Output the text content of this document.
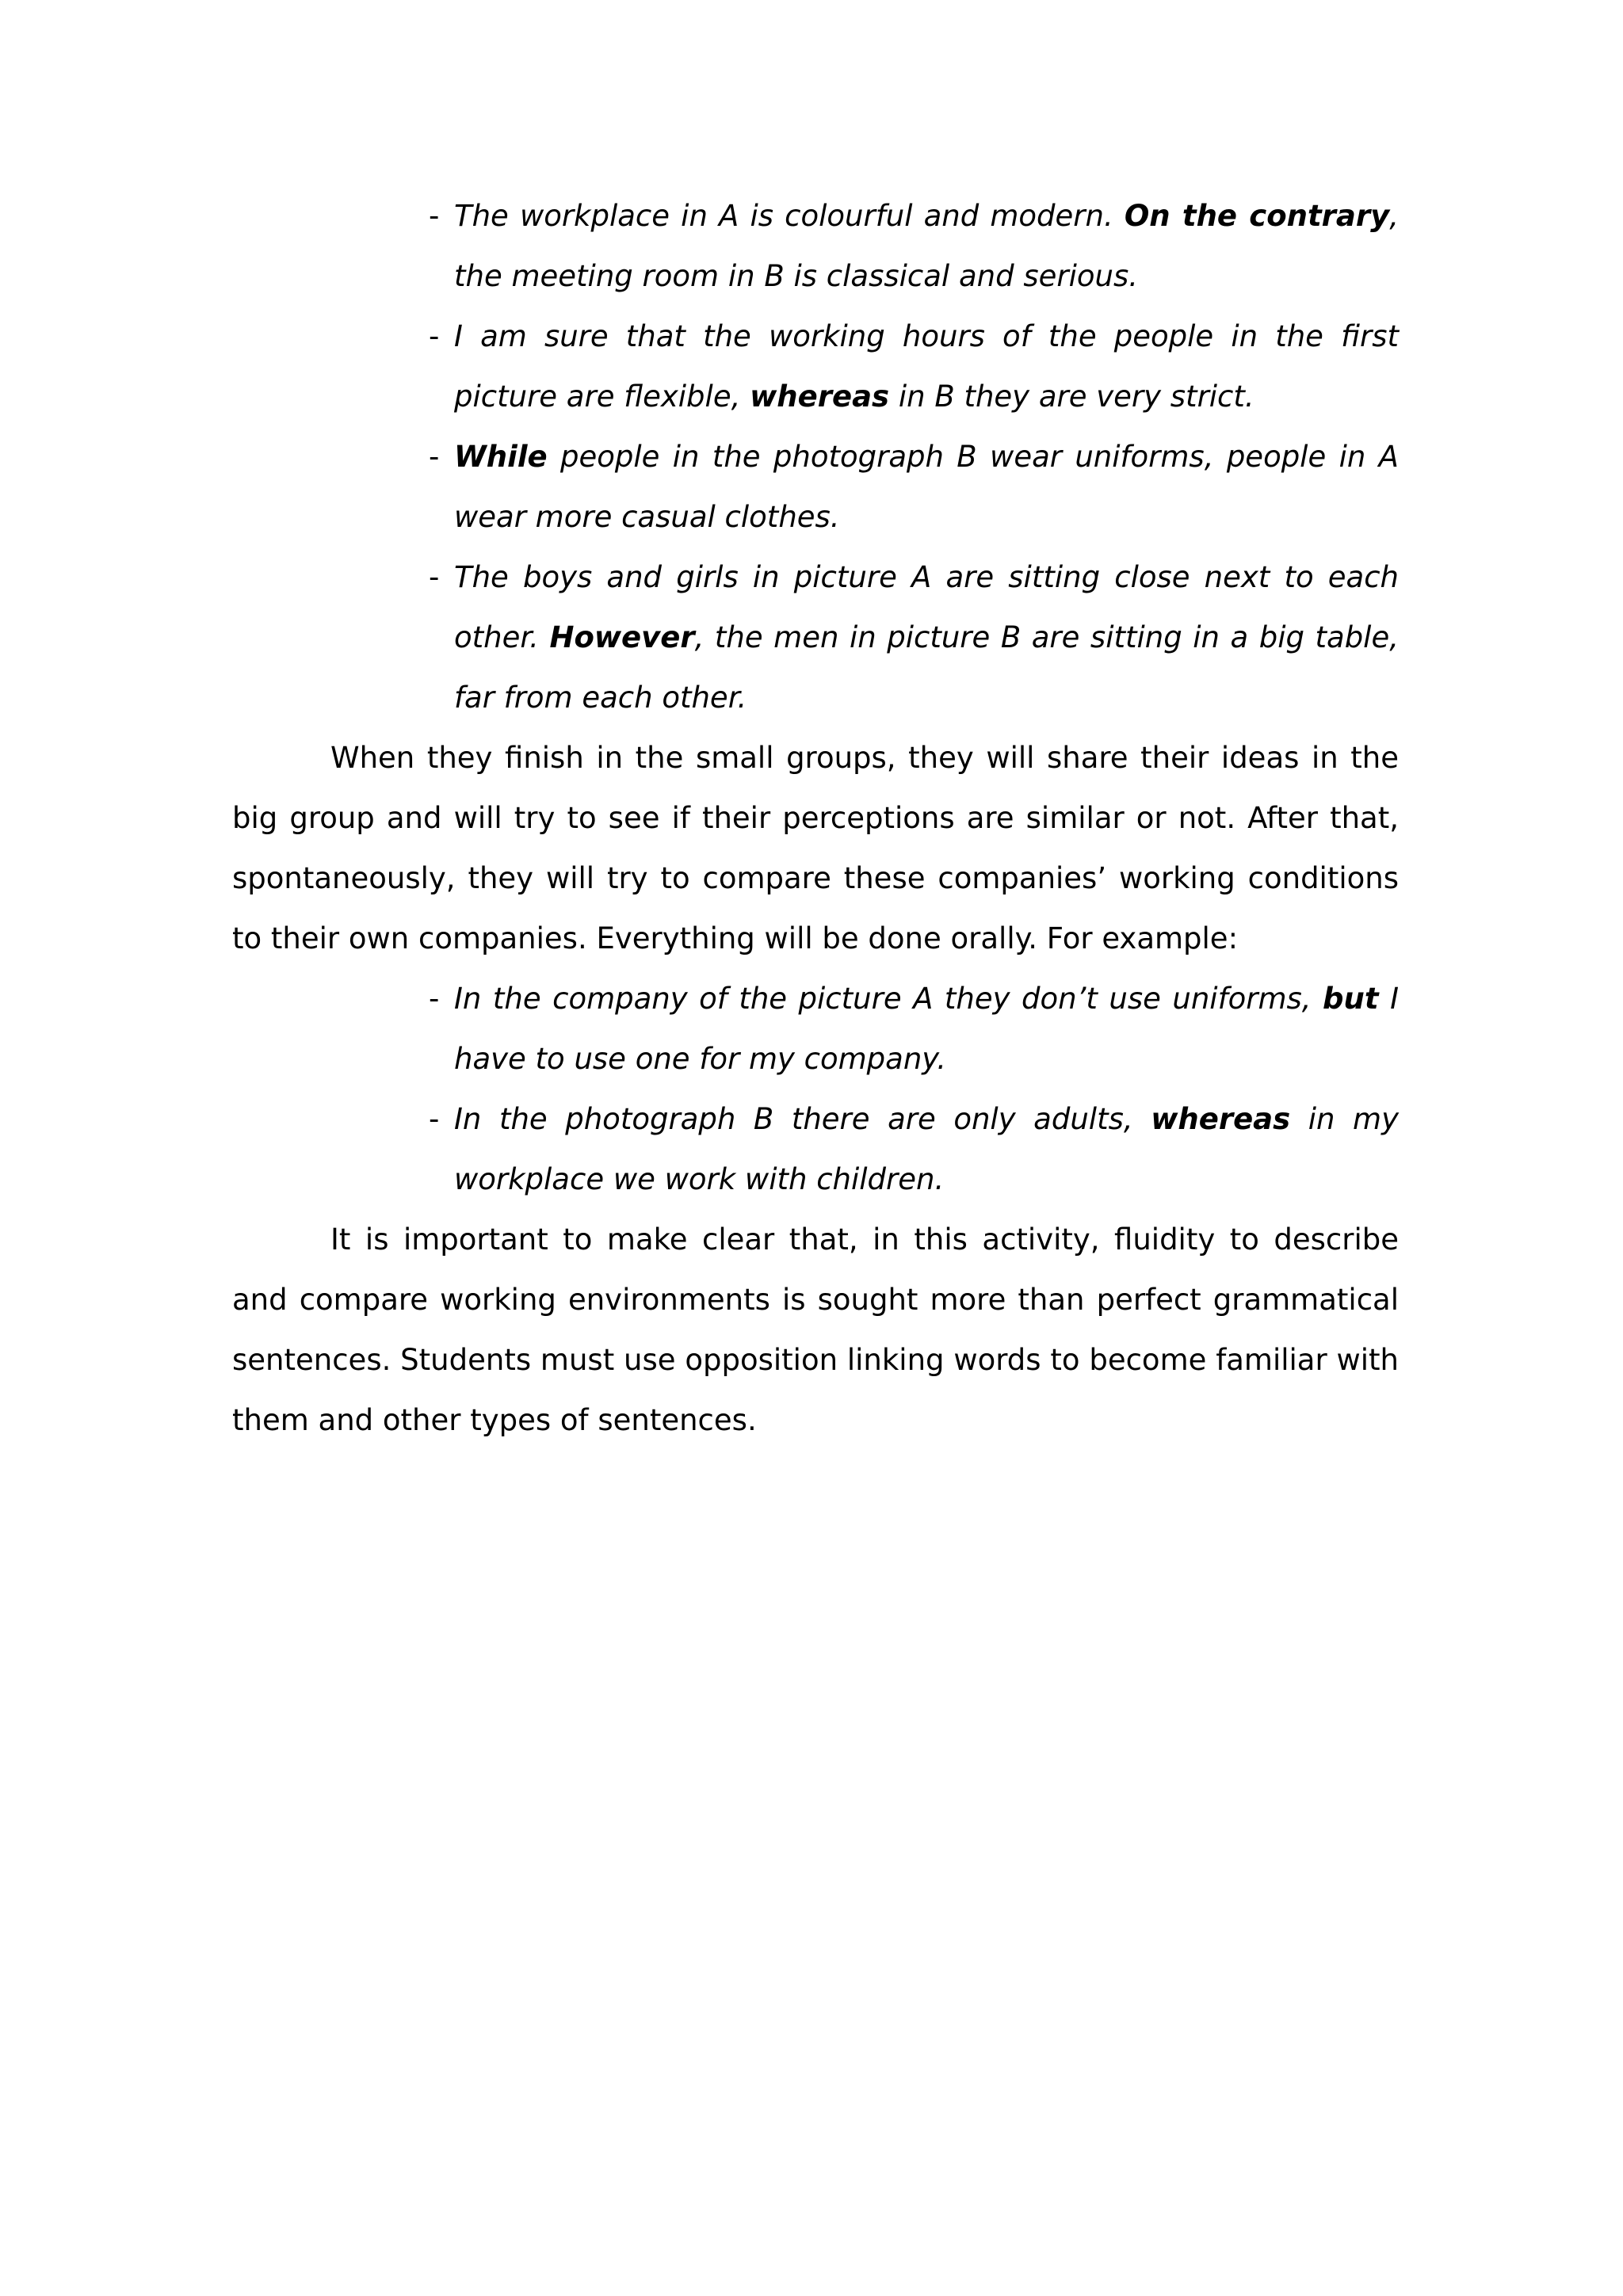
- The workplace in A is colourful and modern. On the contrary, the meeting room in B is classical and serious.

- I am sure that the working hours of the people in the first picture are flexible, whereas in B they are very strict.

- While people in the photograph B wear uniforms, people in A wear more casual clothes.

- The boys and girls in picture A are sitting close next to each other. However, the men in picture B are sitting in a big table, far from each other.

When they finish in the small groups, they will share their ideas in the big group and will try to see if their perceptions are similar or not. After that, spontaneously, they will try to compare these companies’ working conditions to their own companies. Everything will be done orally. For example:

- In the company of the picture A they don’t use uniforms, but I have to use one for my company.

- In the photograph B there are only adults, whereas in my workplace we work with children.

It is important to make clear that, in this activity, fluidity to describe and compare working environments is sought more than perfect grammatical sentences. Students must use opposition linking words to become familiar with them and other types of sentences.
